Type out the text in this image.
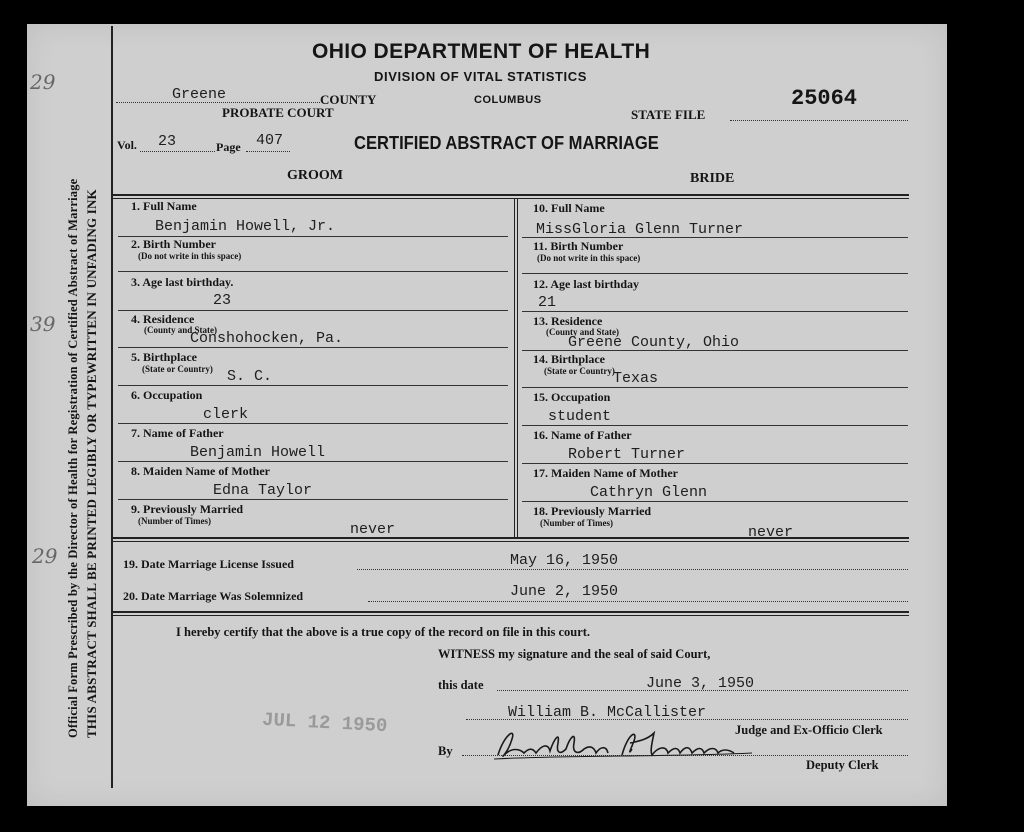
29
39
29 Official Form Prescribed by the Director of Health for Registration of Certified Abstract of Marriage THIS ABSTRACT SHALL BE PRINTED LEGIBLY OR TYPEWRITTEN IN UNFADING INK
OHIO DEPARTMENT OF HEALTH
DIVISION OF VITAL STATISTICS
Greene	COUNTY
PROBATE COURT
COLUMBUS
STATE FILE
25064
Vol. 23	Page 407	CERTIFIED ABSTRACT OF MARRIAGE
GROOM	BRIDE
1. Full Name
Benjamin Howell, Jr.
2. Birth Number
(Do not write in this space)
3. Age last birthday.
23
4. Residence
(County and State)
Conshohocken, Pa.
5. Birthplace
(State or Country) S. C.
6. Occupation
clerk
7. Name of Father
Benjamin Howell
8. Maiden Name of Mother
Edna Taylor
9. Previously Married
(Number of Times)	never
10. Full Name
MissGloria Glenn Turner
11. Birth Number
(Do not write in this space)
12. Age last birthday
21
13. Residence
(County and State)
Greene County, Ohio
14. Birthplace
(State or Country)
Texas
15. Occupation
student
16. Name of Father
Robert Turner
17. Maiden Name of Mother
Cathryn Glenn
18. Previously Married
(Number of Times)
never
19. Date Marriage License Issued	May 16, 1950
20. Date Marriage Was Solemnized	June 2, 1950
I hereby certify that the above is a true copy of the record on file in this court.
WITNESS my signature and the seal of said Court,
this date	June 3, 1950
JUL 12 1950	William B. McCallister
Judge and Ex-Officio Clerk
By
Deputy Clerk
